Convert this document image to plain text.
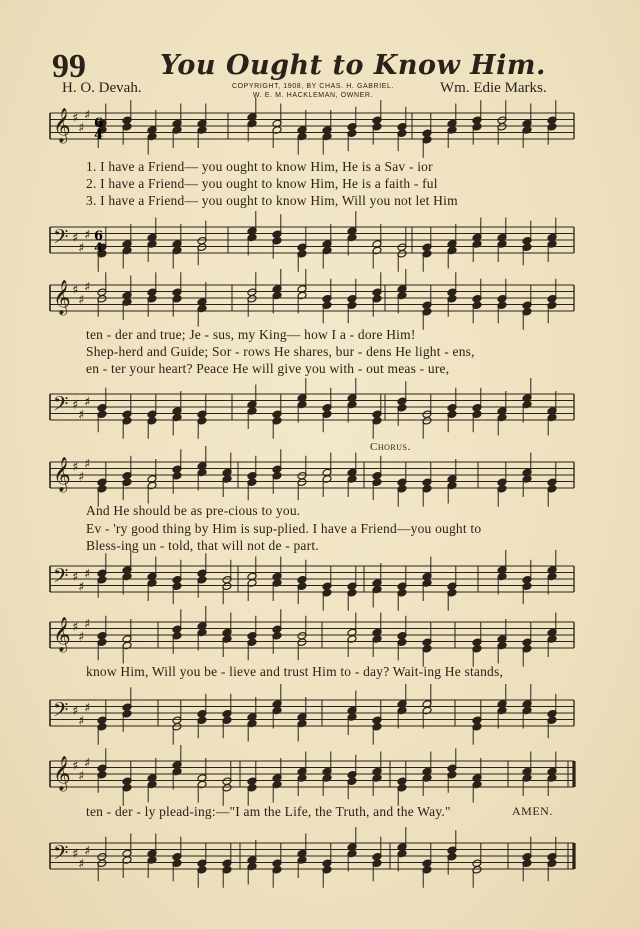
99	You Ought to Know Him.
H. O. Devah.	COPYRIGHT, 1908, BY CHAS. H. GABRIEL.
W. E. M. HACKLEMAN, OWNER.	Wm. Edie Marks.
𝄞 ♯
♯
♯
𝄢 ♯
♯
♯
𝄞 ♯
♯
♯
𝄢 ♯
♯
♯
𝄞 ♯
♯
♯
𝄢 ♯
♯
♯
𝄞 ♯
♯
♯
𝄢 ♯
♯
♯
𝄞 ♯
♯
♯
𝄢 ♯
♯
♯
6
4
6
4
1. I have a Friend— you ought to know Him, He is a Sav - ior
2. I have a Friend— you ought to know Him, He is a faith - ful
3. I have a Friend— you ought to know Him, Will you not let Him
ten - der and true; Je - sus, my King— how I a - dore Him!
Shep-herd and Guide; Sor - rows He shares, bur - dens He light - ens,
en - ter your heart? Peace He will give you with - out meas - ure,
Chorus.
And He should be as pre-cious to you.
Ev - 'ry good thing by Him is sup-plied. I have a Friend—you ought to
Bless-ing un - told, that will not de - part.
know Him, Will you be - lieve and trust Him to - day? Wait-ing He stands,
ten - der - ly plead-ing:—"I am the Life, the Truth, and the Way."	AMEN.
